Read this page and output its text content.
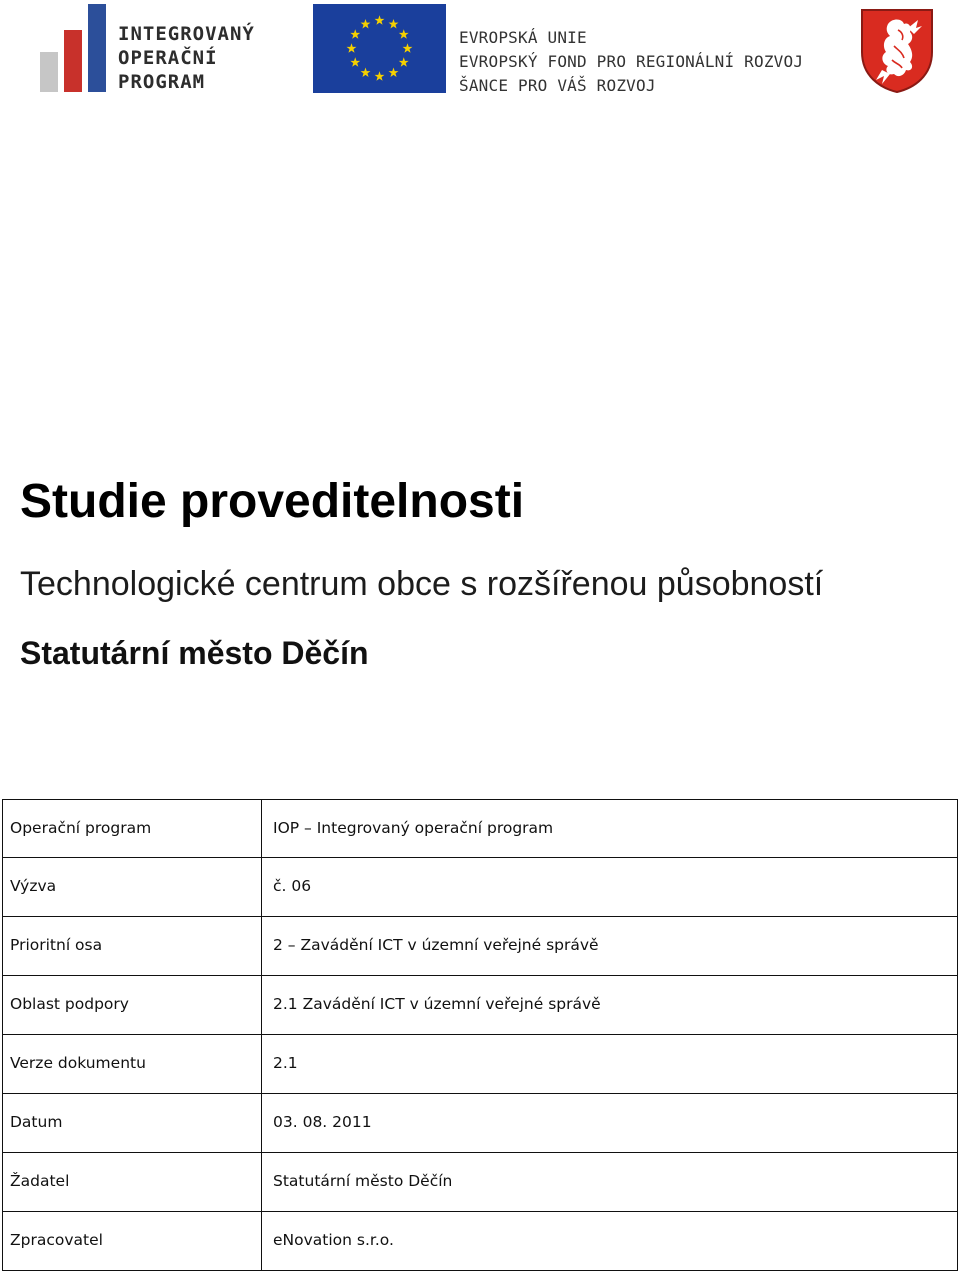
INTEGROVANÝ
OPERAČNÍ
PROGRAM
EVROPSKÁ UNIE
EVROPSKÝ FOND PRO REGIONÁLNÍ ROZVOJ
ŠANCE PRO VÁŠ ROZVOJ
Studie proveditelnosti
Technologické centrum obce s rozšířenou působností
Statutární město Děčín
Operační program	IOP – Integrovaný operační program
Výzva	č. 06
Prioritní osa	2 – Zavádění ICT v územní veřejné správě
Oblast podpory	2.1 Zavádění ICT v územní veřejné správě
Verze dokumentu	2.1
Datum	03. 08. 2011
Žadatel	Statutární město Děčín
Zpracovatel	eNovation s.r.o.
